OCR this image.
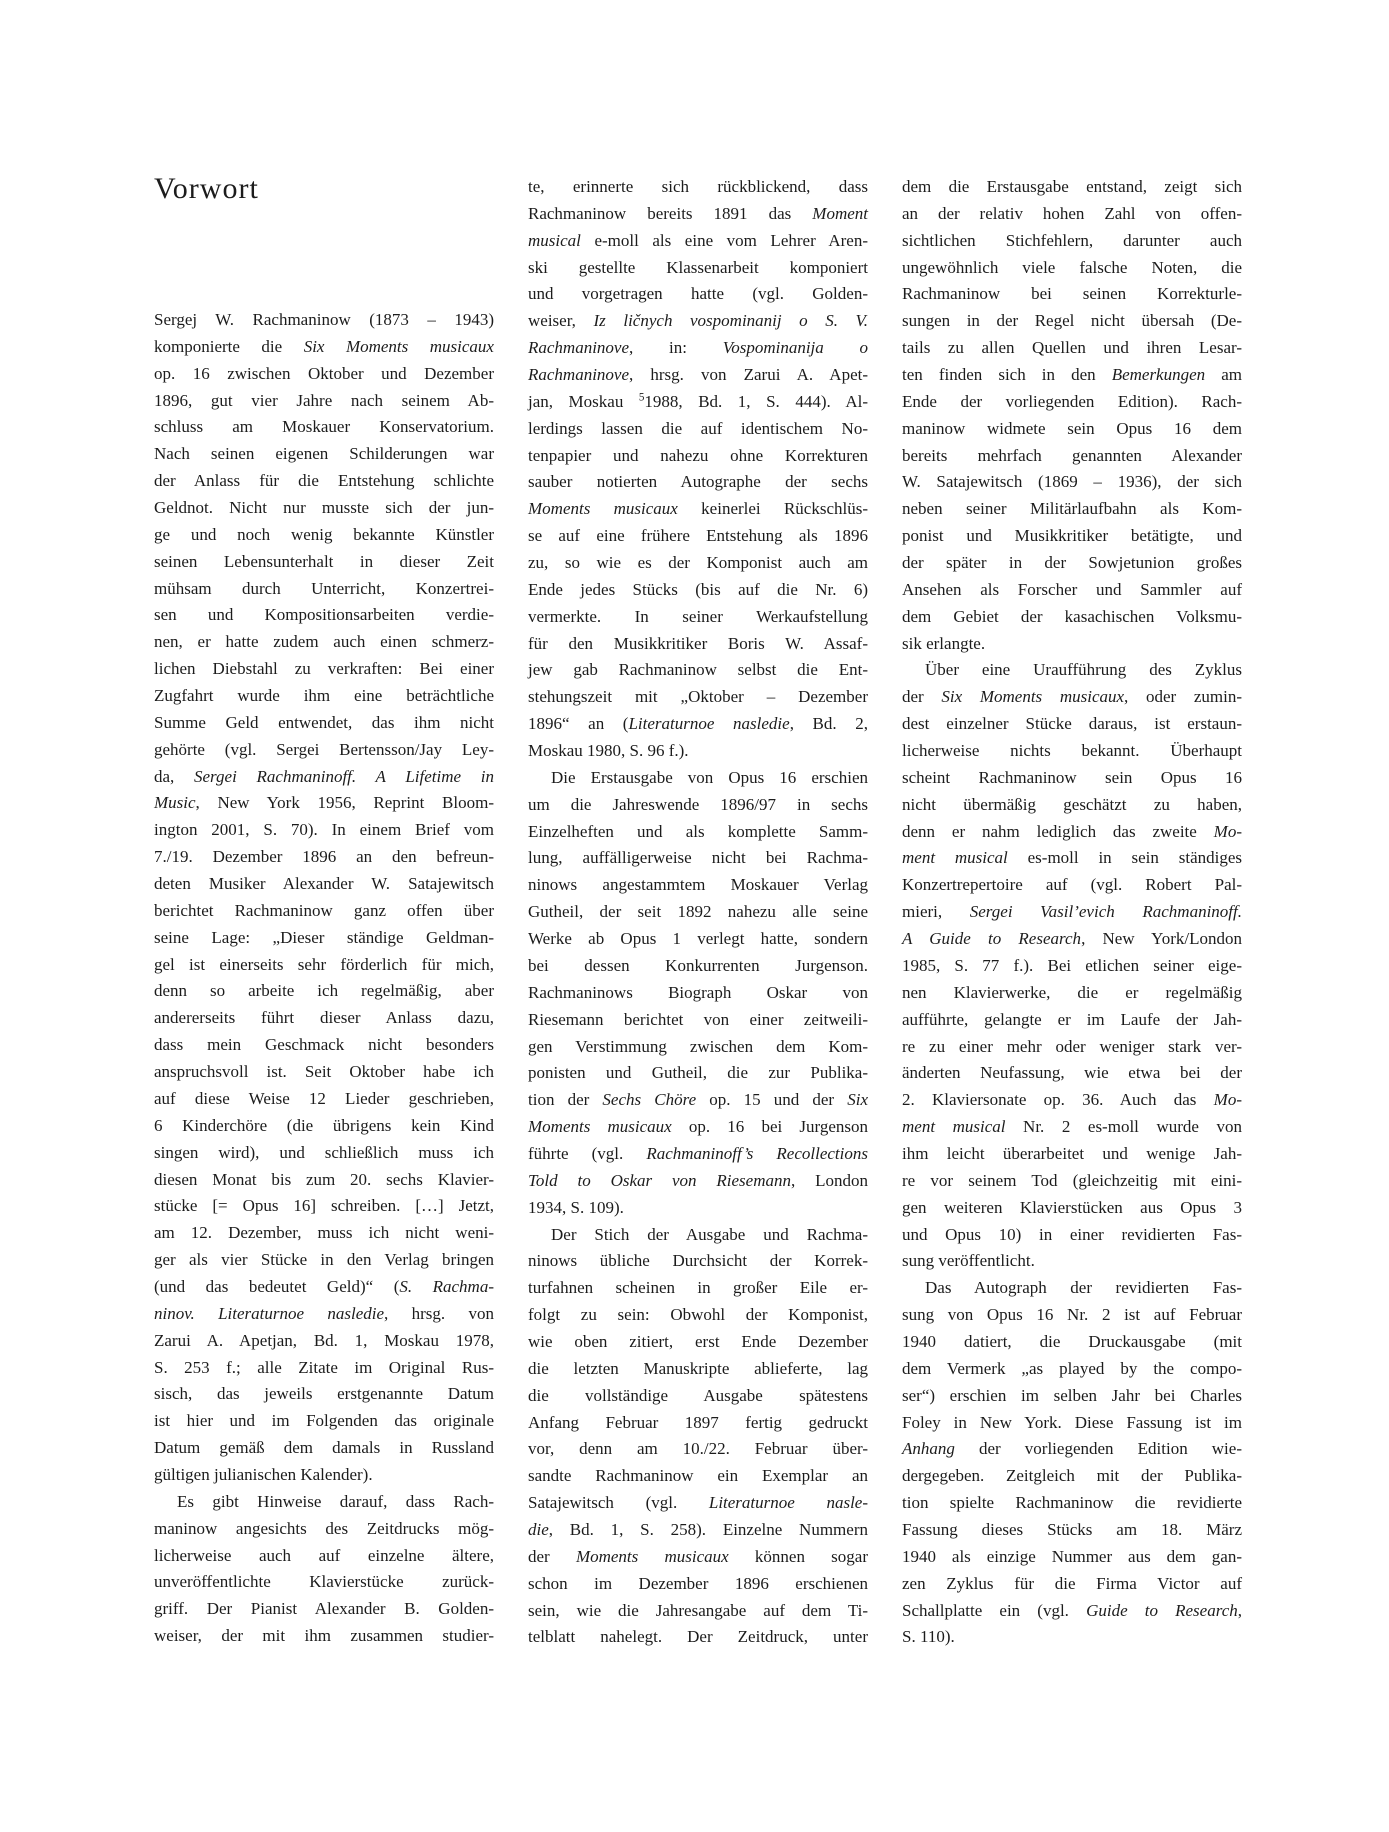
Vorwort
Sergej W. Rachmaninow (1873 – 1943)
komponierte die Six Moments musicaux
op. 16 zwischen Oktober und Dezember
1896, gut vier Jahre nach seinem Ab-
schluss am Moskauer Konservatorium.
Nach seinen eigenen Schilderungen war
der Anlass für die Entstehung schlichte
Geldnot. Nicht nur musste sich der jun-
ge und noch wenig bekannte Künstler
seinen Lebensunterhalt in dieser Zeit
mühsam durch Unterricht, Konzertrei-
sen und Kompositionsarbeiten verdie-
nen, er hatte zudem auch einen schmerz-
lichen Diebstahl zu verkraften: Bei einer
Zugfahrt wurde ihm eine beträchtliche
Summe Geld entwendet, das ihm nicht
gehörte (vgl. Sergei Bertensson/Jay Ley-
da, Sergei Rachmaninoff. A Lifetime in
Music, New York 1956, Reprint Bloom-
ington 2001, S. 70). In einem Brief vom
7./19. Dezember 1896 an den befreun-
deten Musiker Alexander W. Satajewitsch
berichtet Rachmaninow ganz offen über
seine Lage: „Dieser ständige Geldman-
gel ist einerseits sehr förderlich für mich,
denn so arbeite ich regelmäßig, aber
andererseits führt dieser Anlass dazu,
dass mein Geschmack nicht besonders
anspruchsvoll ist. Seit Oktober habe ich
auf diese Weise 12 Lieder geschrieben,
6 Kinderchöre (die übrigens kein Kind
singen wird), und schließlich muss ich
diesen Monat bis zum 20. sechs Klavier-
stücke [= Opus 16] schreiben. […] Jetzt,
am 12. Dezember, muss ich nicht weni-
ger als vier Stücke in den Verlag bringen
(und das bedeutet Geld)“ (S. Rachma-
ninov. Literaturnoe nasledie, hrsg. von
Zarui A. Apetjan, Bd. 1, Moskau 1978,
S. 253 f.; alle Zitate im Original Rus-
sisch, das jeweils erstgenannte Datum
ist hier und im Folgenden das originale
Datum gemäß dem damals in Russland
gültigen julianischen Kalender).
Es gibt Hinweise darauf, dass Rach-
maninow angesichts des Zeitdrucks mög-
licherweise auch auf einzelne ältere,
unveröffentlichte Klavierstücke zurück-
griff. Der Pianist Alexander B. Golden-
weiser, der mit ihm zusammen studier-
te, erinnerte sich rückblickend, dass
Rachmaninow bereits 1891 das Moment
musical e-moll als eine vom Lehrer Aren-
ski gestellte Klassenarbeit komponiert
und vorgetragen hatte (vgl. Golden-
weiser, Iz ličnych vospominanij o S. V.
Rachmaninove, in: Vospominanija o
Rachmaninove, hrsg. von Zarui A. Apet-
jan, Moskau $^5$1988, Bd. 1, S. 444). Al-
lerdings lassen die auf identischem No-
tenpapier und nahezu ohne Korrekturen
sauber notierten Autographe der sechs
Moments musicaux keinerlei Rückschlüs-
se auf eine frühere Entstehung als 1896
zu, so wie es der Komponist auch am
Ende jedes Stücks (bis auf die Nr. 6)
vermerkte. In seiner Werkaufstellung
für den Musikkritiker Boris W. Assaf-
jew gab Rachmaninow selbst die Ent-
stehungszeit mit „Oktober – Dezember
1896“ an (Literaturnoe nasledie, Bd. 2,
Moskau 1980, S. 96 f.).
Die Erstausgabe von Opus 16 erschien
um die Jahreswende 1896/97 in sechs
Einzelheften und als komplette Samm-
lung, auffälligerweise nicht bei Rachma-
ninows angestammtem Moskauer Verlag
Gutheil, der seit 1892 nahezu alle seine
Werke ab Opus 1 verlegt hatte, sondern
bei dessen Konkurrenten Jurgenson.
Rachmaninows Biograph Oskar von
Riesemann berichtet von einer zeitweili-
gen Verstimmung zwischen dem Kom-
ponisten und Gutheil, die zur Publika-
tion der Sechs Chöre op. 15 und der Six
Moments musicaux op. 16 bei Jurgenson
führte (vgl. Rachmaninoff’s Recollections
Told to Oskar von Riesemann, London
1934, S. 109).
Der Stich der Ausgabe und Rachma-
ninows übliche Durchsicht der Korrek-
turfahnen scheinen in großer Eile er-
folgt zu sein: Obwohl der Komponist,
wie oben zitiert, erst Ende Dezember
die letzten Manuskripte ablieferte, lag
die vollständige Ausgabe spätestens
Anfang Februar 1897 fertig gedruckt
vor, denn am 10./22. Februar über-
sandte Rachmaninow ein Exemplar an
Satajewitsch (vgl. Literaturnoe nasle-
die, Bd. 1, S. 258). Einzelne Nummern
der Moments musicaux können sogar
schon im Dezember 1896 erschienen
sein, wie die Jahresangabe auf dem Ti-
telblatt nahelegt. Der Zeitdruck, unter
dem die Erstausgabe entstand, zeigt sich
an der relativ hohen Zahl von offen-
sichtlichen Stichfehlern, darunter auch
ungewöhnlich viele falsche Noten, die
Rachmaninow bei seinen Korrekturle-
sungen in der Regel nicht übersah (De-
tails zu allen Quellen und ihren Lesar-
ten finden sich in den Bemerkungen am
Ende der vorliegenden Edition). Rach-
maninow widmete sein Opus 16 dem
bereits mehrfach genannten Alexander
W. Satajewitsch (1869 – 1936), der sich
neben seiner Militärlaufbahn als Kom-
ponist und Musikkritiker betätigte, und
der später in der Sowjetunion großes
Ansehen als Forscher und Sammler auf
dem Gebiet der kasachischen Volksmu-
sik erlangte.
Über eine Uraufführung des Zyklus
der Six Moments musicaux, oder zumin-
dest einzelner Stücke daraus, ist erstaun-
licherweise nichts bekannt. Überhaupt
scheint Rachmaninow sein Opus 16
nicht übermäßig geschätzt zu haben,
denn er nahm lediglich das zweite Mo-
ment musical es-moll in sein ständiges
Konzertrepertoire auf (vgl. Robert Pal-
mieri, Sergei Vasil’evich Rachmaninoff.
A Guide to Research, New York/London
1985, S. 77 f.). Bei etlichen seiner eige-
nen Klavierwerke, die er regelmäßig
aufführte, gelangte er im Laufe der Jah-
re zu einer mehr oder weniger stark ver-
änderten Neufassung, wie etwa bei der
2. Klaviersonate op. 36. Auch das Mo-
ment musical Nr. 2 es-moll wurde von
ihm leicht überarbeitet und wenige Jah-
re vor seinem Tod (gleichzeitig mit eini-
gen weiteren Klavierstücken aus Opus 3
und Opus 10) in einer revidierten Fas-
sung veröffentlicht.
Das Autograph der revidierten Fas-
sung von Opus 16 Nr. 2 ist auf Februar
1940 datiert, die Druckausgabe (mit
dem Vermerk „as played by the compo-
ser“) erschien im selben Jahr bei Charles
Foley in New York. Diese Fassung ist im
Anhang der vorliegenden Edition wie-
dergegeben. Zeitgleich mit der Publika-
tion spielte Rachmaninow die revidierte
Fassung dieses Stücks am 18. März
1940 als einzige Nummer aus dem gan-
zen Zyklus für die Firma Victor auf
Schallplatte ein (vgl. Guide to Research,
S. 110).
